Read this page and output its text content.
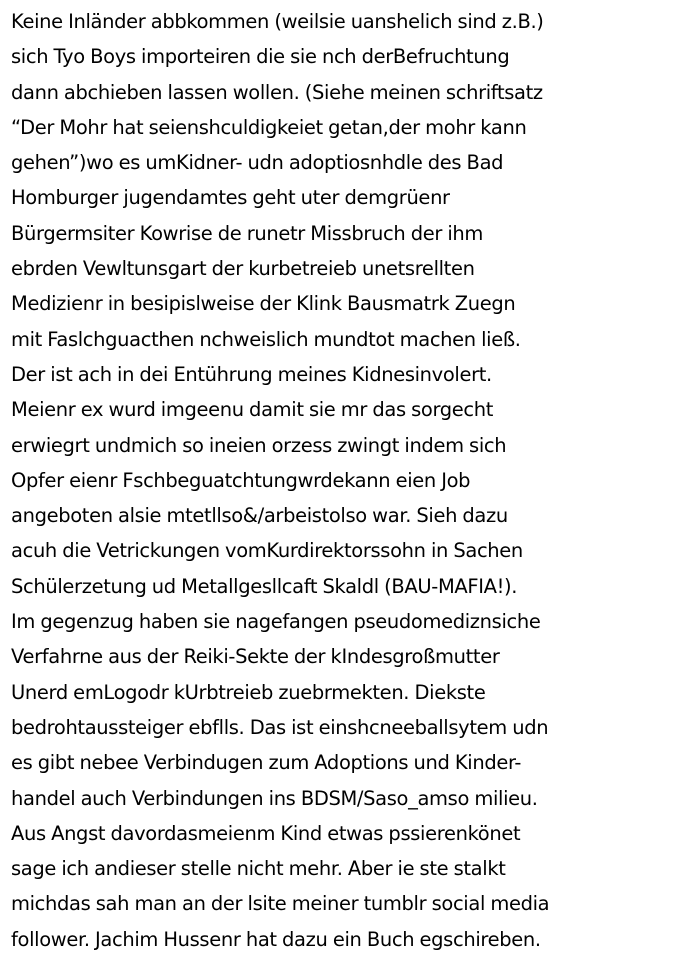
Keine Inländer abbkommen (weilsie uanshelich sind z.B.)
sich Tyo Boys importeiren die sie nch derBefruchtung
dann abchieben lassen wollen. (Siehe meinen schriftsatz
“Der Mohr hat seienshculdigkeiet getan,der mohr kann
gehen”)wo es umKidner- udn adoptiosnhdle des Bad
Homburger jugendamtes geht uter demgrüenr
Bürgermsiter Kowrise de runetr Missbruch der ihm
ebrden Vewltunsgart der kurbetreieb unetsrellten
Medizienr in besipislweise der Klink Bausmatrk Zuegn
mit Faslchguacthen nchweislich mundtot machen ließ.
Der ist ach in dei Entührung meines Kidnesinvolert.
Meienr ex wurd imgeenu damit sie mr das sorgecht
erwiegrt undmich so ineien orzess zwingt indem sich
Opfer eienr Fschbeguatchtungwrdekann eien Job
angeboten alsie mtetllso&/arbeistolso war. Sieh dazu
acuh die Vetrickungen vomKurdirektorssohn in Sachen
Schülerzetung ud Metallgesllcaft Skaldl (BAU-MAFIA!).
Im gegenzug haben sie nagefangen pseudomediznsiche
Verfahrne aus der Reiki-Sekte der kIndesgroßmutter
Unerd emLogodr kUrbtreieb zuebrmekten. Diekste
bedrohtaussteiger ebflls. Das ist einshcneeballsytem udn
es gibt nebee Verbindugen zum Adoptions und Kinder-
handel auch Verbindungen ins BDSM/Saso_amso milieu.
Aus Angst davordasmeienm Kind etwas pssierenkönet
sage ich andieser stelle nicht mehr. Aber ie ste stalkt
michdas sah man an der lsite meiner tumblr social media
follower. Jachim Hussenr hat dazu ein Buch egschireben.
